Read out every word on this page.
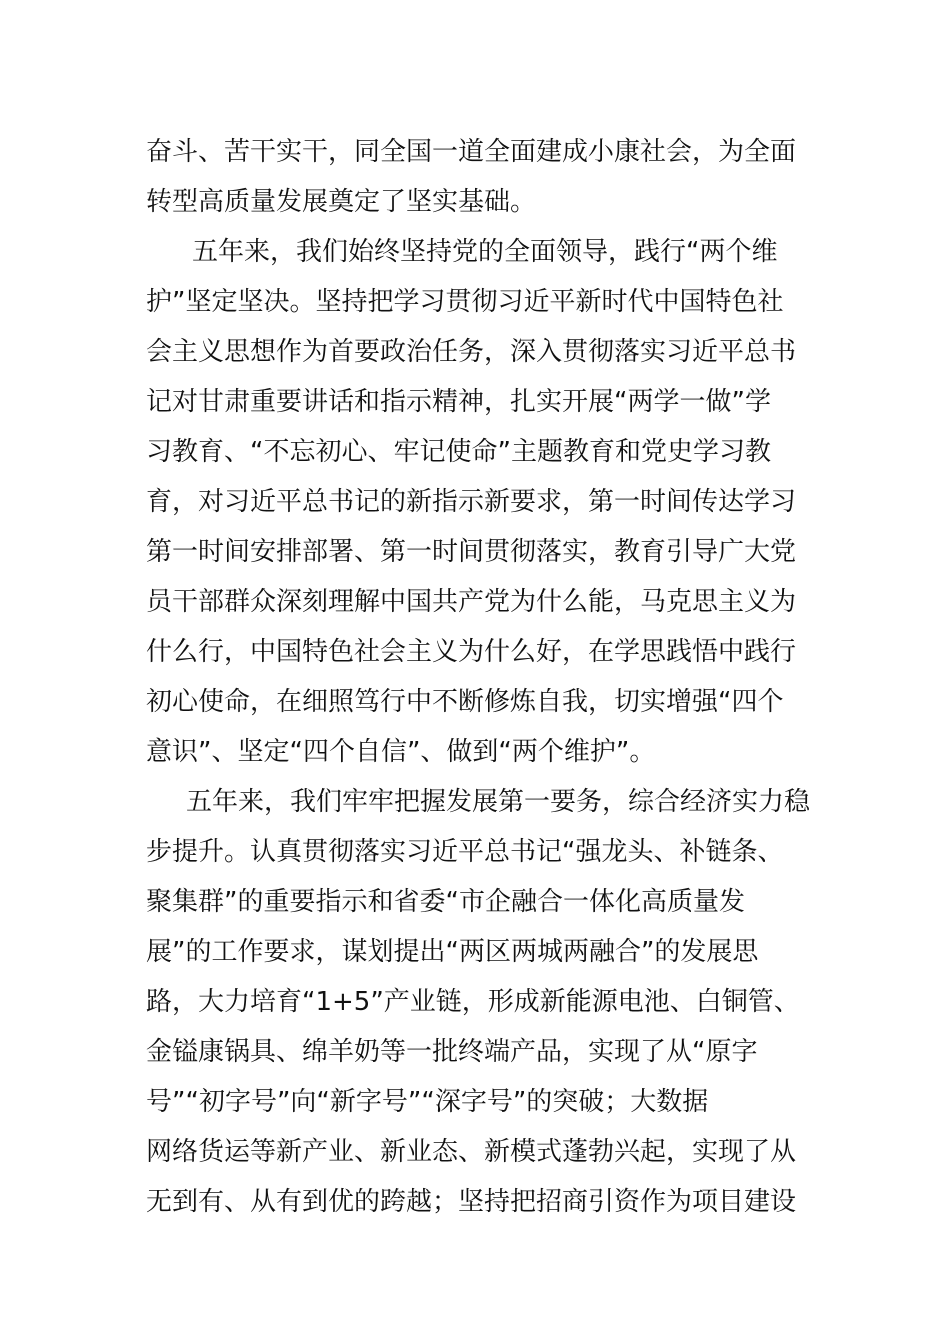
奋斗、苦干实干，同全国一道全面建成小康社会，为全面

转型高质量发展奠定了坚实基础。

五年来，我们始终坚持党的全面领导，践行“两个维

护”坚定坚决。坚持把学习贯彻习近平新时代中国特色社

会主义思想作为首要政治任务，深入贯彻落实习近平总书

记对甘肃重要讲话和指示精神，扎实开展“两学一做”学

习教育、“不忘初心、牢记使命”主题教育和党史学习教

育，对习近平总书记的新指示新要求，第一时间传达学习

第一时间安排部署、第一时间贯彻落实，教育引导广大党

员干部群众深刻理解中国共产党为什么能，马克思主义为

什么行，中国特色社会主义为什么好，在学思践悟中践行

初心使命，在细照笃行中不断修炼自我，切实增强“四个

意识”、坚定“四个自信”、做到“两个维护”。

五年来，我们牢牢把握发展第一要务，综合经济实力稳

步提升。认真贯彻落实习近平总书记“强龙头、补链条、

聚集群”的重要指示和省委“市企融合一体化高质量发

展”的工作要求，谋划提出“两区两城两融合”的发展思

路，大力培育“1+5”产业链，形成新能源电池、白铜管、

金镒康锅具、绵羊奶等一批终端产品，实现了从“原字

号”“初字号”向“新字号”“深字号”的突破；大数据

网络货运等新产业、新业态、新模式蓬勃兴起，实现了从

无到有、从有到优的跨越；坚持把招商引资作为项目建设
